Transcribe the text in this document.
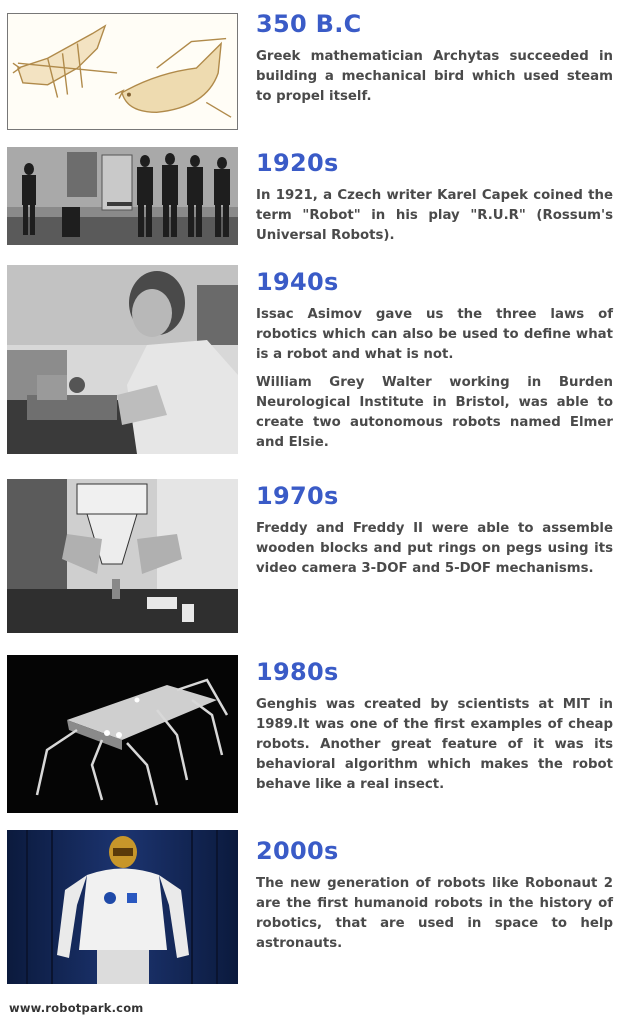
350 B.C
Greek mathematician Archytas succeeded in building a mechanical bird which used steam to propel itself.
1920s
In 1921, a Czech writer Karel Capek coined the term "Robot" in his play "R.U.R" (Rossum's Universal Robots).
1940s
Issac Asimov gave us the three laws of robotics which can also be used to define what is a robot and what is not.
William Grey Walter working in Burden Neurological Institute in Bristol, was able to create two autonomous robots named Elmer and Elsie.
1970s
Freddy and Freddy II were able to assemble wooden blocks and put rings on pegs using its video camera 3-DOF and 5-DOF mechanisms.
1980s
Genghis was created by scientists at MIT in 1989.It was one of the first examples of cheap robots. Another great feature of it was its behavioral algorithm which makes the robot behave like a real insect.
2000s
The new generation of robots like Robonaut 2 are the first humanoid robots in the history of robotics, that are used in space to help astronauts.
www.robotpark.com
